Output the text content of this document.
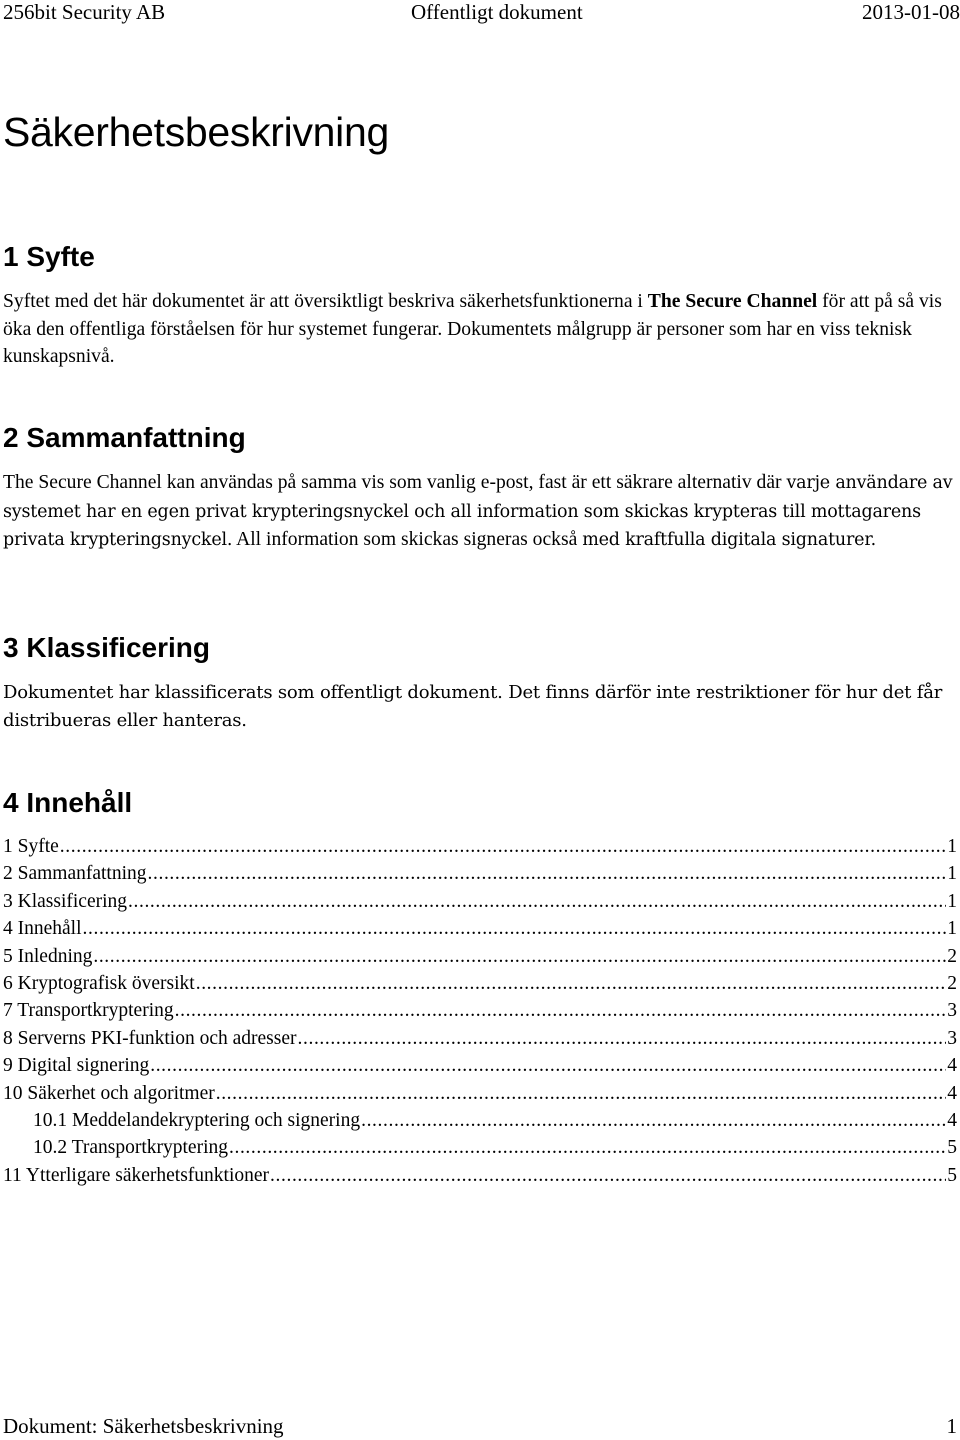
256bit Security AB	Offentligt dokument	2013-01-08
Säkerhetsbeskrivning
1 Syfte

Syftet med det här dokumentet är att översiktligt beskriva säkerhetsfunktionerna i The Secure Channel för att på så vis öka den offentliga förståelsen för hur systemet fungerar. Dokumentets målgrupp är personer som har en viss teknisk kunskapsnivå.

2 Sammanfattning

The Secure Channel kan användas på samma vis som vanlig e-post, fast är ett säkrare alternativ där varje användare av systemet har en egen privat krypteringsnyckel och all information som skickas krypteras till mottagarens privata krypteringsnyckel. All information som skickas signeras också med kraftfulla digitala signaturer.

3 Klassificering

Dokumentet har klassificerats som offentligt dokument. Det finns därför inte restriktioner för hur det får distribueras eller hanteras.

4 Innehåll
1 Syfte .....	1
2 Sammanfattning .....	1
3 Klassificering .....	1
4 Innehåll .....	1
5 Inledning .....	2
6 Kryptografisk översikt .....	2
7 Transportkryptering .....	3
8 Serverns PKI-funktion och adresser .....	3
9 Digital signering .....	4
10 Säkerhet och algoritmer .....	4
10.1 Meddelandekryptering och signering .....	4
10.2 Transportkryptering .....	5
11 Ytterligare säkerhetsfunktioner .....	5
Dokument: Säkerhetsbeskrivning	1
